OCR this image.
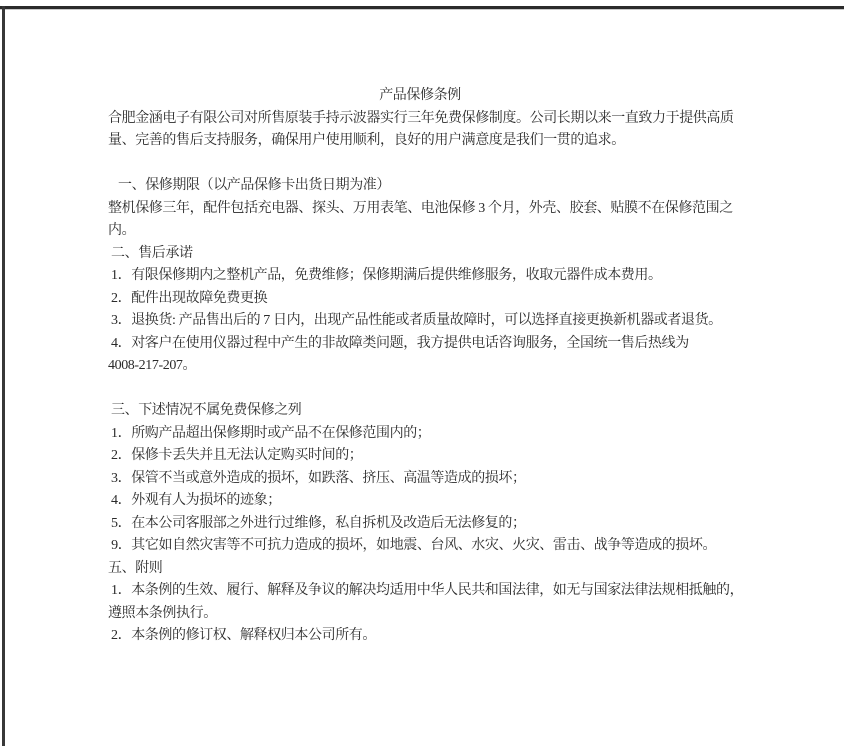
产品保修条例
合肥金涵电子有限公司对所售原装手持示波器实行三年免费保修制度。公司长期以来一直致力于提供高质
量、完善的售后支持服务，确保用户使用顺利，良好的用户满意度是我们一贯的追求。
一、保修期限（以产品保修卡出货日期为准）
整机保修三年，配件包括充电器、探头、万用表笔、电池保修 3 个月，外壳、胶套、贴膜不在保修范围之
内。
二、售后承诺
1．有限保修期内之整机产品，免费维修；保修期满后提供维修服务，收取元器件成本费用。
2．配件出现故障免费更换
3．退换货: 产品售出后的 7 日内，出现产品性能或者质量故障时，可以选择直接更换新机器或者退货。
4．对客户在使用仪器过程中产生的非故障类问题，我方提供电话咨询服务，全国统一售后热线为
4008-217-207。
三、下述情况不属免费保修之列
1．所购产品超出保修期时或产品不在保修范围内的；
2．保修卡丢失并且无法认定购买时间的；
3．保管不当或意外造成的损坏，如跌落、挤压、高温等造成的损坏；
4．外观有人为损坏的迹象；
5．在本公司客服部之外进行过维修，私自拆机及改造后无法修复的；
9．其它如自然灾害等不可抗力造成的损坏，如地震、台风、水灾、火灾、雷击、战争等造成的损坏。
五、附则
1．本条例的生效、履行、解释及争议的解决均适用中华人民共和国法律，如无与国家法律法规相抵触的，
遵照本条例执行。
2．本条例的修订权、解释权归本公司所有。
